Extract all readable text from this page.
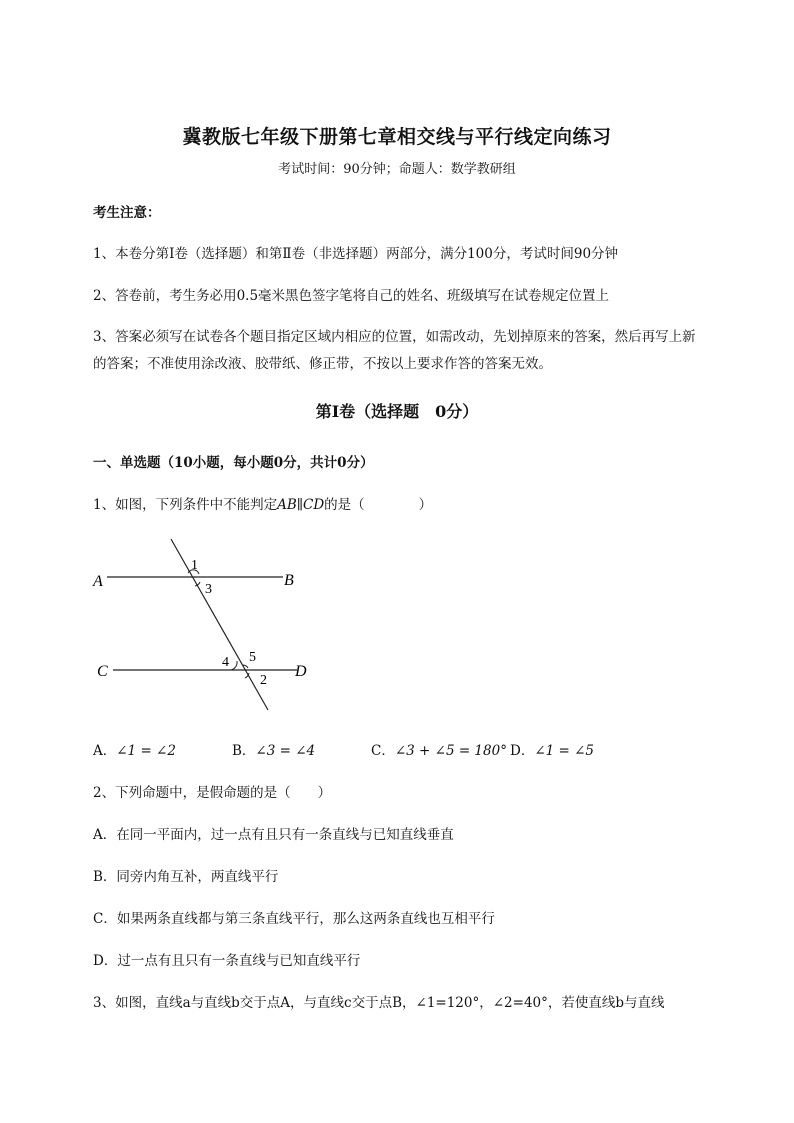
冀教版七年级下册第七章相交线与平行线定向练习
考试时间：90分钟；命题人：数学教研组
考生注意：
1、本卷分第Ⅰ卷（选择题）和第Ⅱ卷（非选择题）两部分，满分100分，考试时间90分钟
2、答卷前，考生务必用0.5毫米黑色签字笔将自己的姓名、班级填写在试卷规定位置上
3、答案必须写在试卷各个题目指定区域内相应的位置，如需改动，先划掉原来的答案，然后再写上新
的答案；不准使用涂改液、胶带纸、修正带，不按以上要求作答的答案无效。
第Ⅰ卷（选择题　0分）
一、单选题（10小题，每小题0分，共计0分）
1、如图，下列条件中不能判定AB∥CD的是（　　　　）
A	B
C	D
1
3
4 5
2
A．∠1 = ∠2	B．∠3 = ∠4	C．∠3 + ∠5 = 180° D．∠1 = ∠5
2、下列命题中，是假命题的是（　　）
A．在同一平面内，过一点有且只有一条直线与已知直线垂直
B．同旁内角互补，两直线平行
C．如果两条直线都与第三条直线平行，那么这两条直线也互相平行
D．过一点有且只有一条直线与已知直线平行
3、如图，直线a与直线b交于点A，与直线c交于点B，∠1=120°，∠2=40°，若使直线b与直线
